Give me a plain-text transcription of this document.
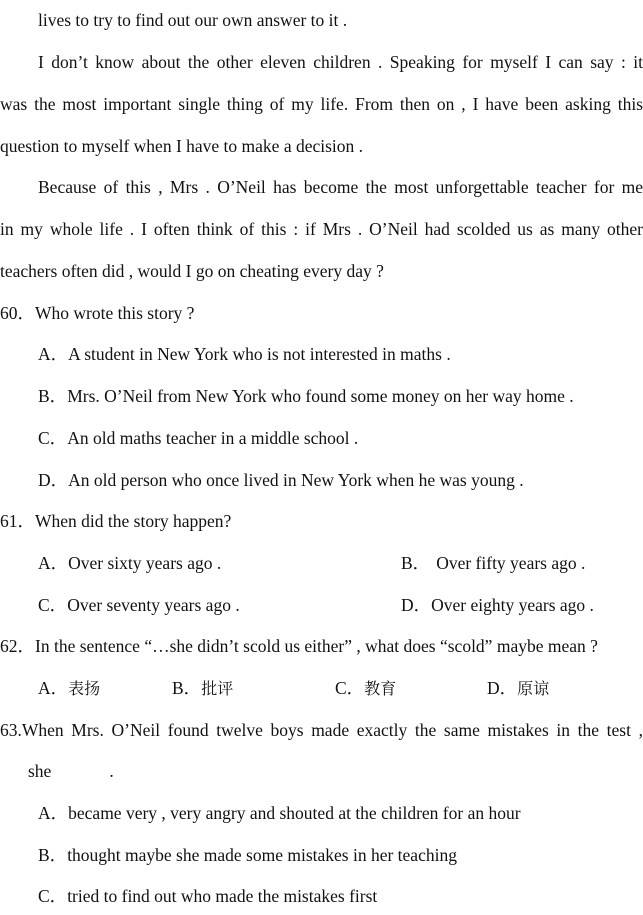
lives to try to find out our own answer to it .
I don’t know about the other eleven children . Speaking for myself I can say : it
was the most important single thing of my life. From then on , I have been asking this
question to myself when I have to make a decision .
Because of this , Mrs . O’Neil has become the most unforgettable teacher for me
in my whole life . I often think of this : if Mrs . O’Neil had scolded us as many other
teachers often did , would I go on cheating every day ?
60．Who wrote this story ?
A．A student in New York who is not interested in maths .
B．Mrs. O’Neil from New York who found some money on her way home .
C．An old maths teacher in a middle school .
D．An old person who once lived in New York when he was young .
61．When did the story happen?
A．Over sixty years ago .	B． Over fifty years ago .
C．Over seventy years ago .	D．Over eighty years ago .
62．In the sentence “…she didn’t scold us either” , what does “scold” maybe mean ?
A．表扬	B．批评	C．教育	D．原谅
63.When Mrs. O’Neil found twelve boys made exactly the same mistakes in the test ,
she	.
A．became very , very angry and shouted at the children for an hour
B．thought maybe she made some mistakes in her teaching
C．tried to find out who made the mistakes first
